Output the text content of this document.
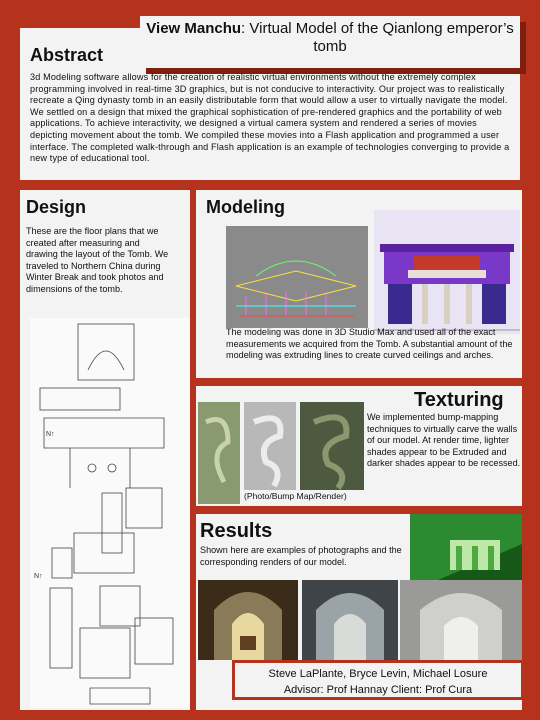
View Manchu: Virtual Model of the Qianlong emperor’s tomb
Abstract
3d Modeling software allows for the creation of realistic virtual environments without the extremely complex programming involved in real-time 3D graphics, but is not conducive to interactivity. Our project was to realistically recreate a Qing dynasty tomb in an easily distributable form that would allow a user to virtually navigate the model. We settled on a design that mixed the graphical sophistication of pre-rendered graphics and the portability of web applications. To achieve interactivity, we designed a virtual camera system and rendered a series of movies depicting movement about the tomb. We compiled these movies into a Flash application and programmed a user interface. The completed walk-through and Flash application is an example of technologies converging to provide a new type of educational tool.
Design
These are the floor plans that we created after measuring and drawing the layout of the Tomb. We traveled to Northern China during Winter Break and took photos and dimensions of the tomb.
N↑
N↑
Modeling
The modeling was done in 3D Studio Max and used all of the exact measurements we acquired from the Tomb. A substantial amount of the modeling was extruding lines to create curved ceilings and arches.
Texturing
(Photo/Bump Map/Render)
We implemented bump-mapping techniques to virtually carve the walls of our model. At render time, lighter shades appear to be Extruded and darker shades appear to be recessed.
Results
Shown here are examples of photographs and the corresponding renders of our model.
Steve LaPlante, Bryce Levin, Michael Losure
Advisor: Prof Hannay Client: Prof Cura
